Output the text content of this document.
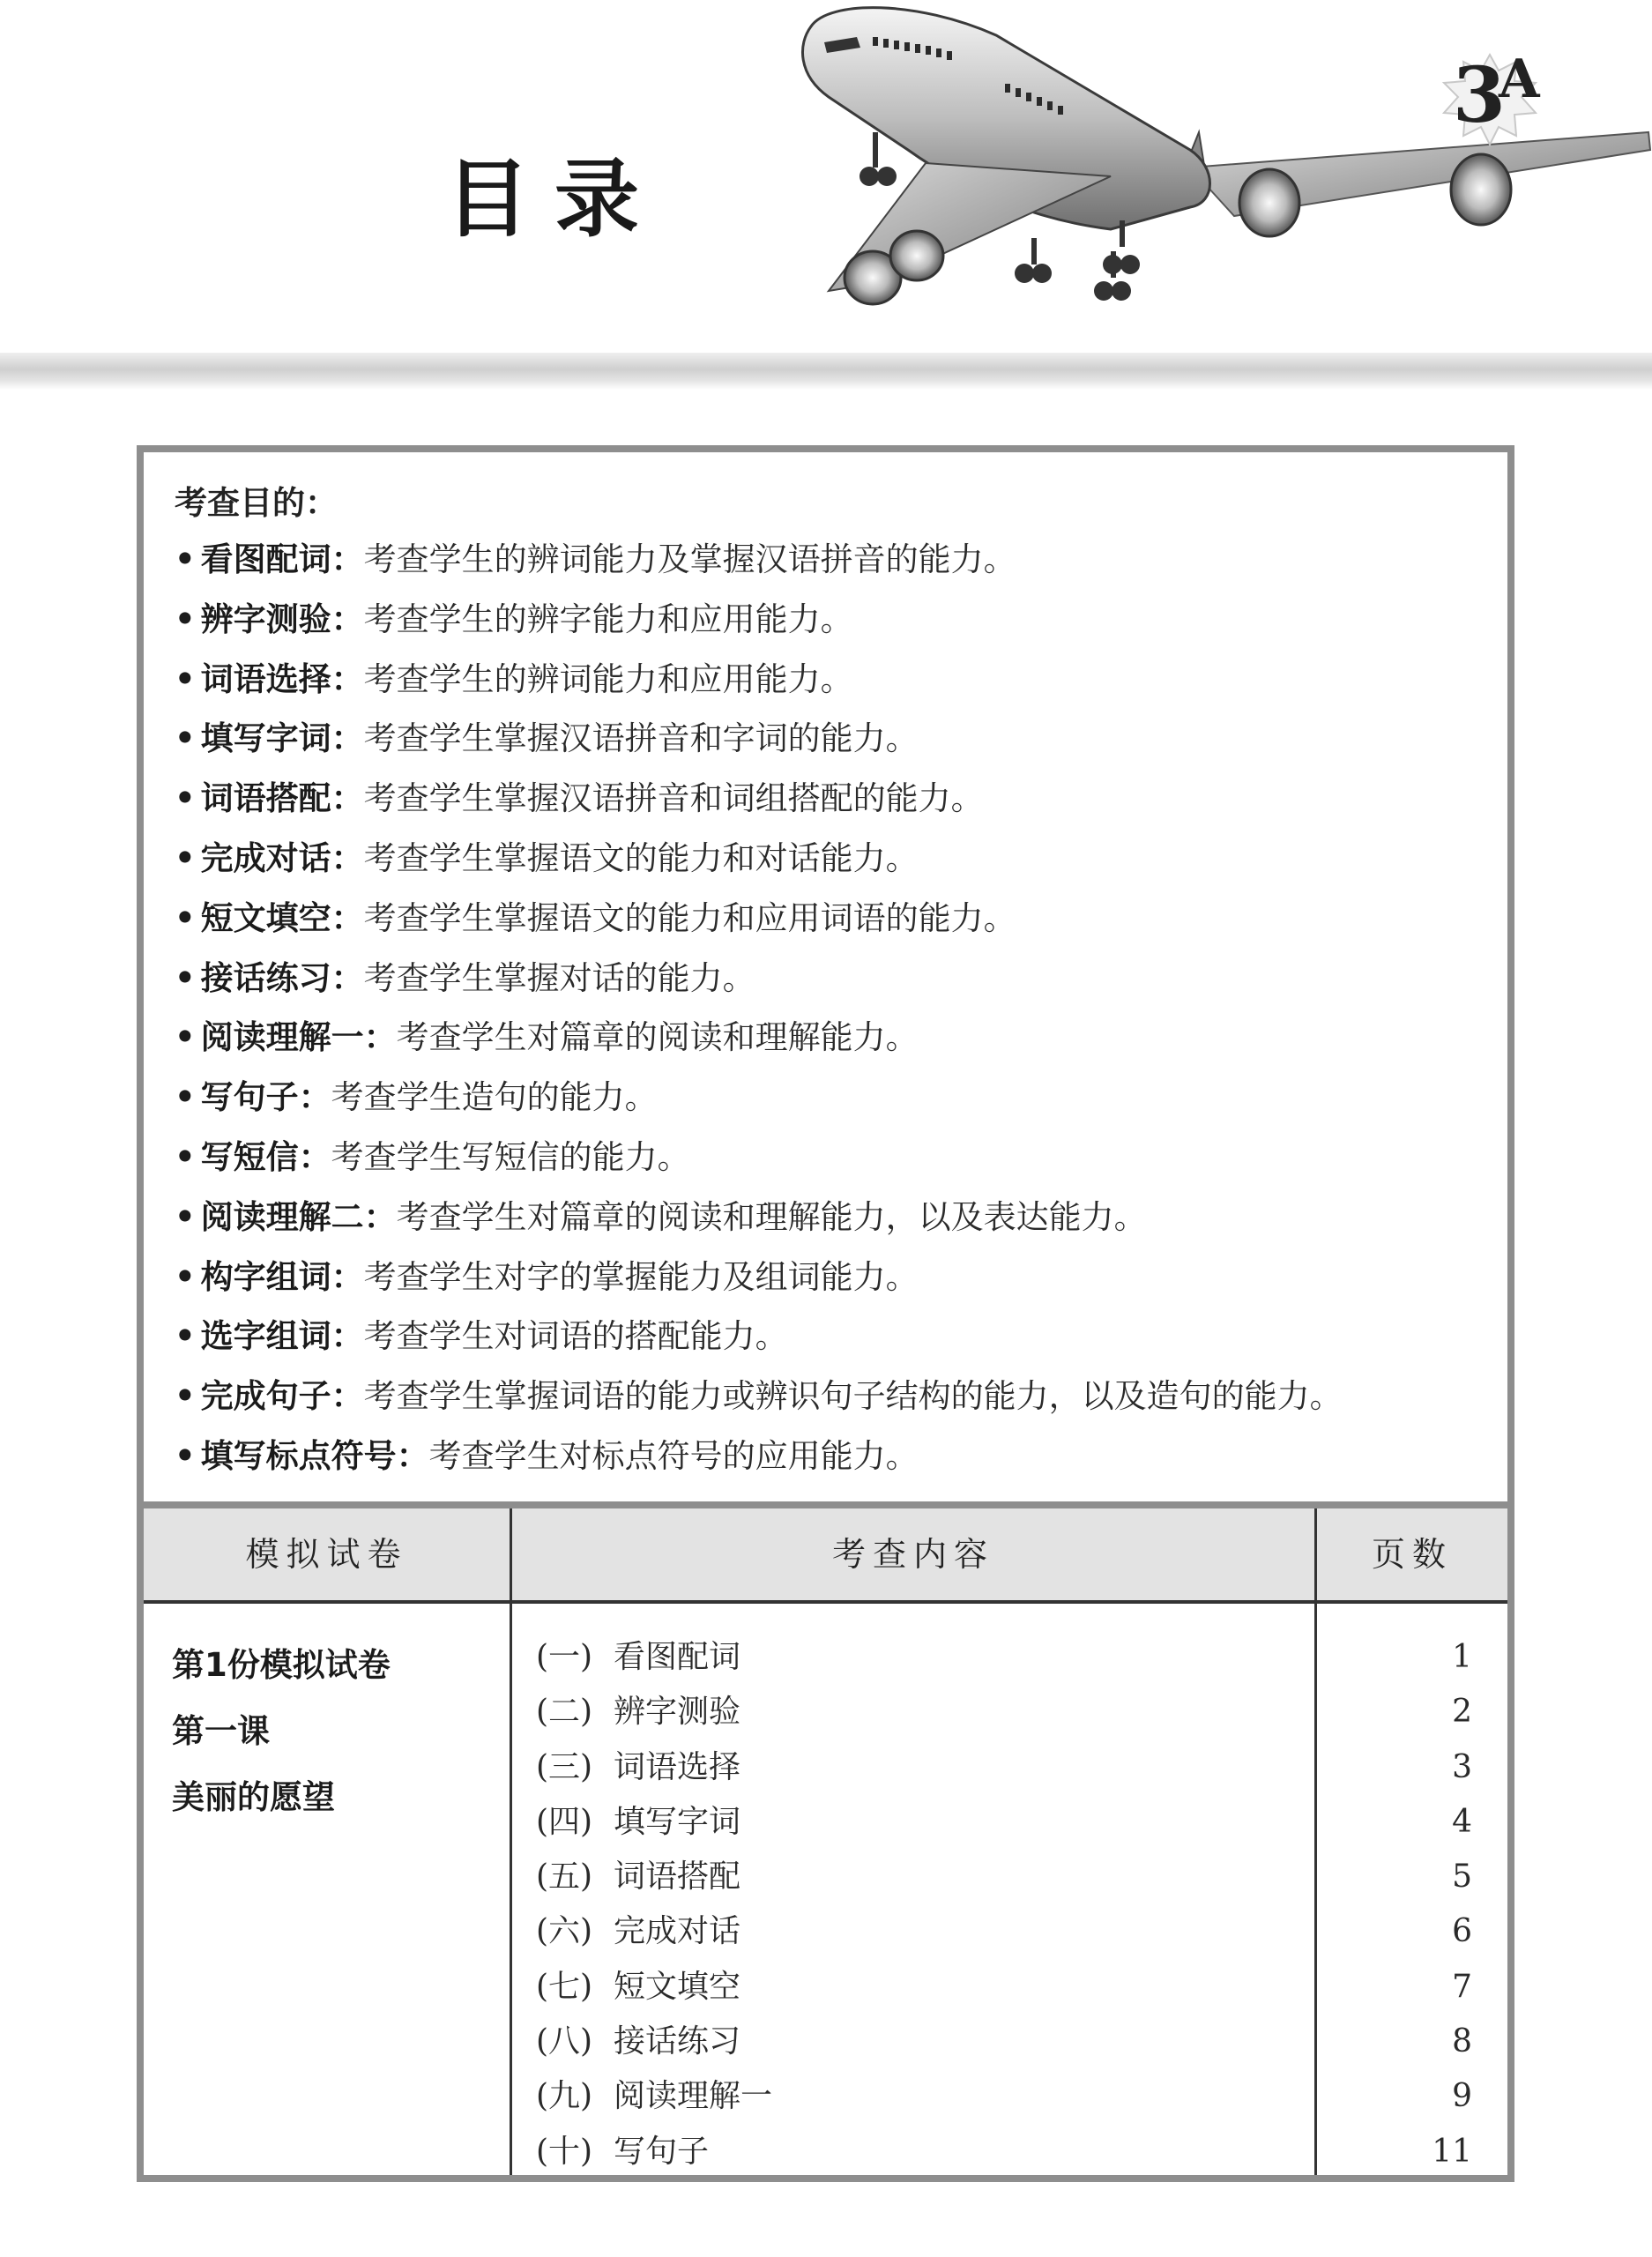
目录
3
A
考查目的：
• 看图配词：考查学生的辨词能力及掌握汉语拼音的能力。
• 辨字测验：考查学生的辨字能力和应用能力。
• 词语选择：考查学生的辨词能力和应用能力。
• 填写字词：考查学生掌握汉语拼音和字词的能力。
• 词语搭配：考查学生掌握汉语拼音和词组搭配的能力。
• 完成对话：考查学生掌握语文的能力和对话能力。
• 短文填空：考查学生掌握语文的能力和应用词语的能力。
• 接话练习：考查学生掌握对话的能力。
• 阅读理解一：考查学生对篇章的阅读和理解能力。
• 写句子：考查学生造句的能力。
• 写短信：考查学生写短信的能力。
• 阅读理解二：考查学生对篇章的阅读和理解能力，以及表达能力。
• 构字组词：考查学生对字的掌握能力及组词能力。
• 选字组词：考查学生对词语的搭配能力。
• 完成句子：考查学生掌握词语的能力或辨识句子结构的能力，以及造句的能力。
• 填写标点符号：考查学生对标点符号的应用能力。
模拟试卷	考查内容	页数
第1份模拟试卷
第一课
美丽的愿望
(一) 看图配词	1
(二) 辨字测验	2
(三) 词语选择	3
(四) 填写字词	4
(五) 词语搭配	5
(六) 完成对话	6
(七) 短文填空	7
(八) 接话练习	8
(九) 阅读理解一	9
(十) 写句子	11
